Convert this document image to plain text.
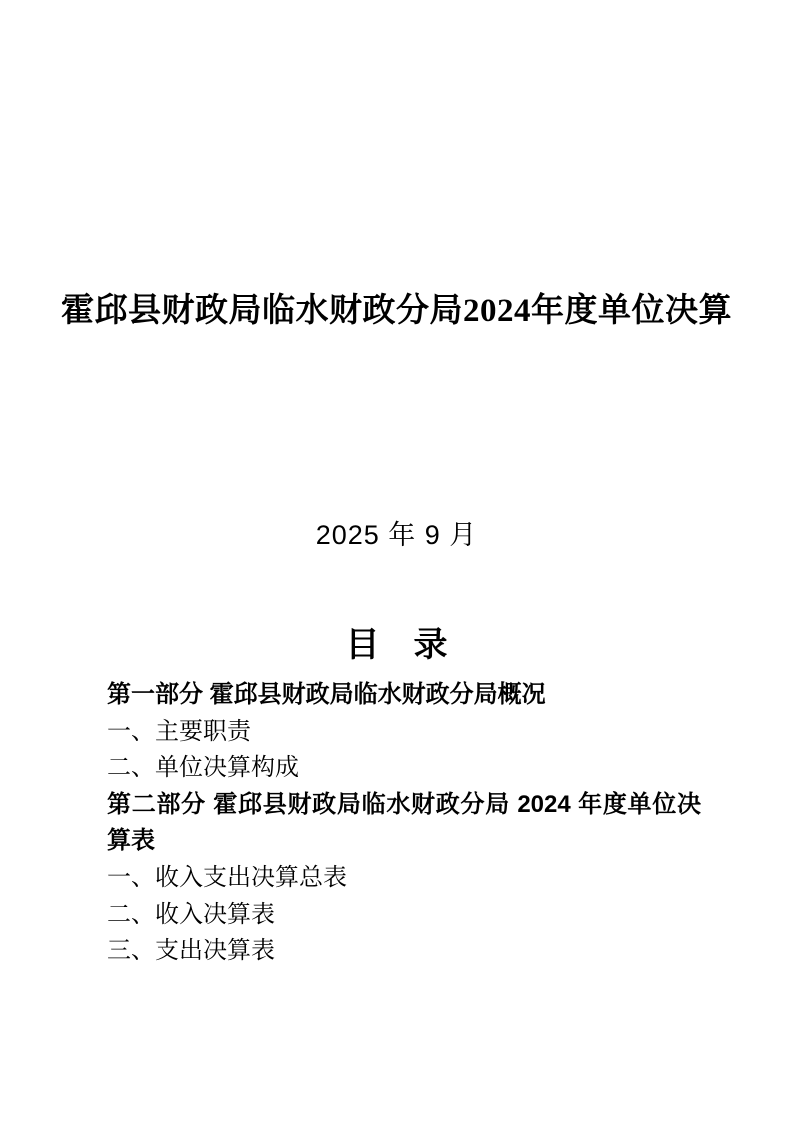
霍邱县财政局临水财政分局2024年度单位决算
2025 年 9 月
目　录
第一部分 霍邱县财政局临水财政分局概况
一、主要职责
二、单位决算构成
第二部分 霍邱县财政局临水财政分局 2024 年度单位决算表
一、收入支出决算总表
二、收入决算表
三、支出决算表
